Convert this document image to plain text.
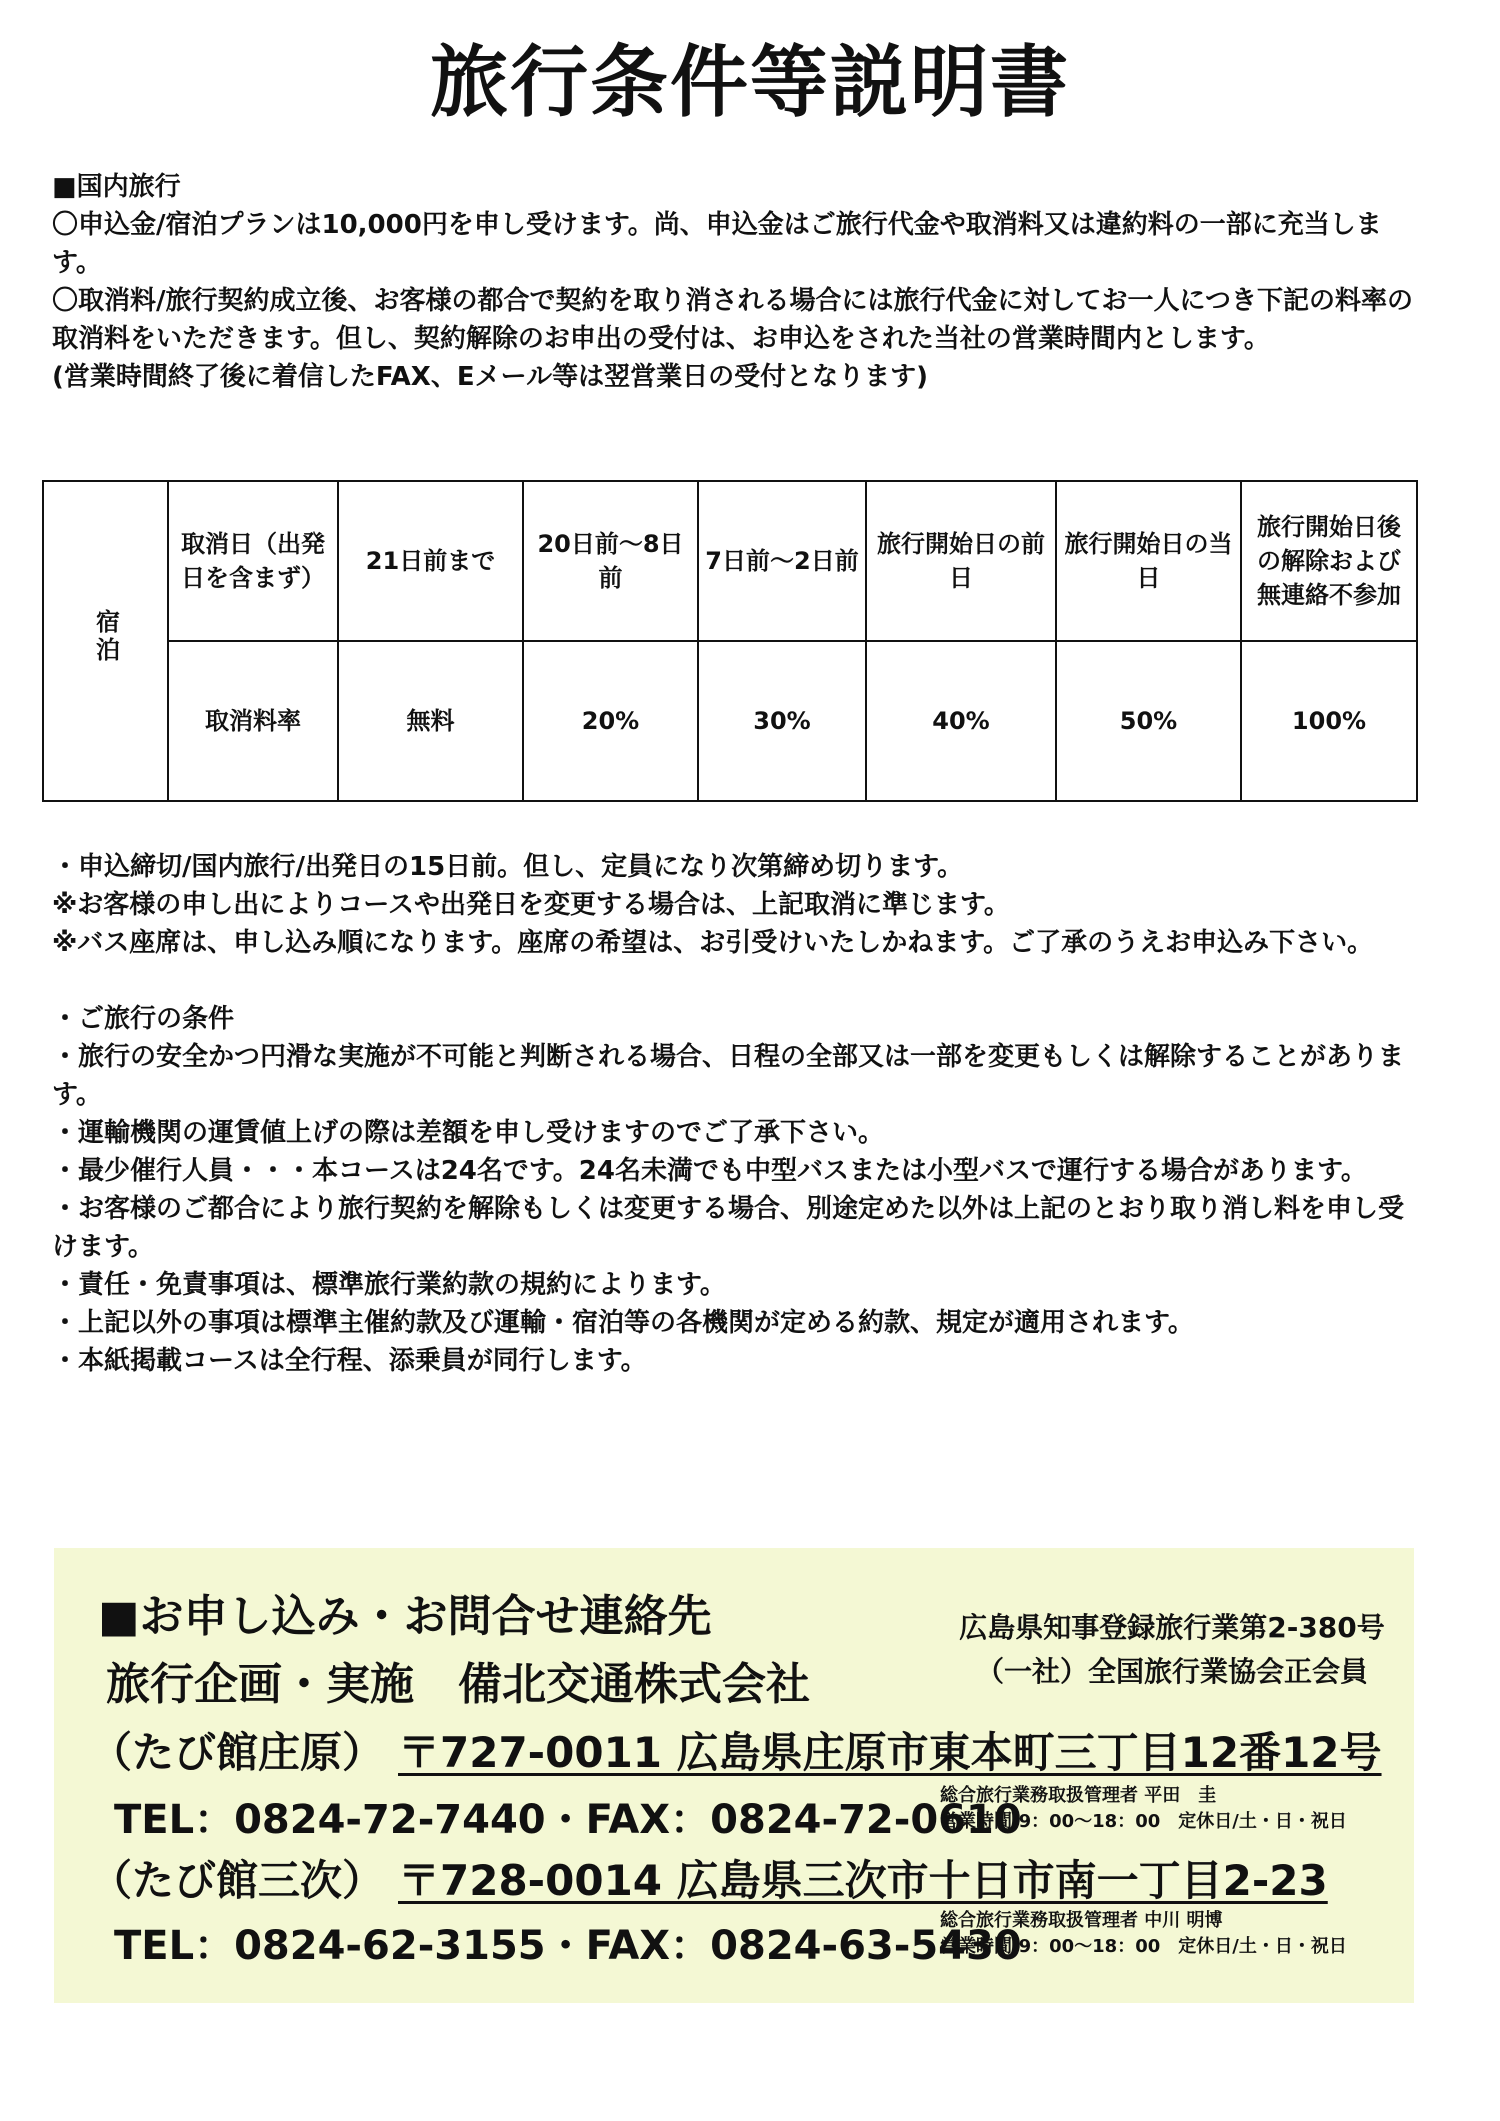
旅行条件等説明書

■国内旅行

〇申込金/宿泊プランは10,000円を申し受けます。尚、申込金はご旅行代金や取消料又は違約料の一部に充当します。

〇取消料/旅行契約成立後、お客様の都合で契約を取り消される場合には旅行代金に対してお一人につき下記の料率の取消料をいただきます。但し、契約解除のお申出の受付は、お申込をされた当社の営業時間内とします。

(営業時間終了後に着信したFAX、Eメール等は翌営業日の受付となります)

宿泊	取消日（出発日を含まず）	21日前まで	20日前〜8日前	7日前〜2日前	旅行開始日の前日	旅行開始日の当日	旅行開始日後の解除および無連絡不参加
	取消料率	無料	20%	30%	40%	50%	100%

・申込締切/国内旅行/出発日の15日前。但し、定員になり次第締め切ります。

※お客様の申し出によりコースや出発日を変更する場合は、上記取消に準じます。

※バス座席は、申し込み順になります。座席の希望は、お引受けいたしかねます。ご了承のうえお申込み下さい。

・ご旅行の条件

・旅行の安全かつ円滑な実施が不可能と判断される場合、日程の全部又は一部を変更もしくは解除することがあります。

・運輸機関の運賃値上げの際は差額を申し受けますのでご了承下さい。

・最少催行人員・・・本コースは24名です。24名未満でも中型バスまたは小型バスで運行する場合があります。

・お客様のご都合により旅行契約を解除もしくは変更する場合、別途定めた以外は上記のとおり取り消し料を申し受けます。

・責任・免責事項は、標準旅行業約款の規約によります。

・上記以外の事項は標準主催約款及び運輸・宿泊等の各機関が定める約款、規定が適用されます。

・本紙掲載コースは全行程、添乗員が同行します。

■お申し込み・お問合せ連絡先
旅行企画・実施　備北交通株式会社
広島県知事登録旅行業第2-380号
（一社）全国旅行業協会正会員
（たび館庄原） 〒727-0011 広島県庄原市東本町三丁目12番12号
TEL：0824-72-7440・FAX：0824-72-0610
総合旅行業務取扱管理者 平田　圭
営業時間/9：00〜18：00　定休日/土・日・祝日
（たび館三次） 〒728-0014 広島県三次市十日市南一丁目2-23
TEL：0824-62-3155・FAX：0824-63-5430
総合旅行業務取扱管理者 中川 明博
営業時間/9：00〜18：00　定休日/土・日・祝日
